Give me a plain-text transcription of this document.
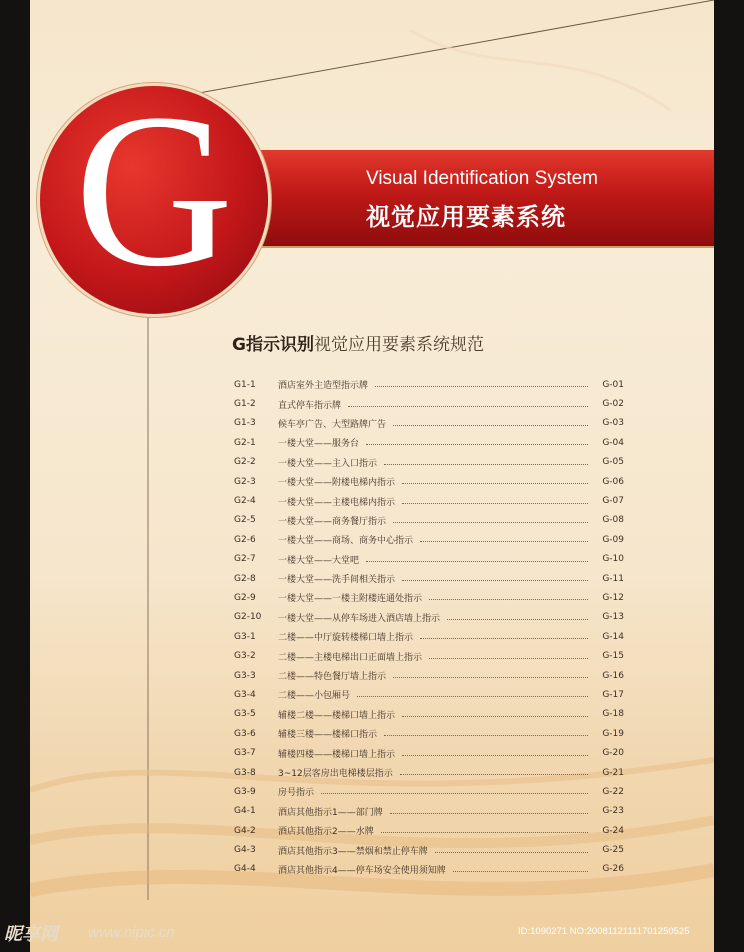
G	Visual Identification System
视觉应用要素系统
G指示识别视觉应用要素系统规范
G1-1	酒店室外主造型指示牌	G-01
G1-2	直式停车指示牌	G-02
G1-3	候车亭广告、大型路牌广告	G-03
G2-1	一楼大堂——服务台	G-04
G2-2	一楼大堂——主入口指示	G-05
G2-3	一楼大堂——附楼电梯内指示	G-06
G2-4	一楼大堂——主楼电梯内指示	G-07
G2-5	一楼大堂——商务餐厅指示	G-08
G2-6	一楼大堂——商场、商务中心指示	G-09
G2-7	一楼大堂——大堂吧	G-10
G2-8	一楼大堂——洗手间相关指示	G-11
G2-9	一楼大堂——一楼主附楼连通处指示	G-12
G2-10	一楼大堂——从停车场进入酒店墙上指示	G-13
G3-1	二楼——中厅旋转楼梯口墙上指示	G-14
G3-2	二楼——主楼电梯出口正面墙上指示	G-15
G3-3	二楼——特色餐厅墙上指示	G-16
G3-4	二楼——小包厢号	G-17
G3-5	辅楼二楼——楼梯口墙上指示	G-18
G3-6	辅楼三楼——楼梯口指示	G-19
G3-7	辅楼四楼——楼梯口墙上指示	G-20
G3-8	3~12层客房出电梯楼层指示	G-21
G3-9	房号指示	G-22
G4-1	酒店其他指示1——部门牌	G-23
G4-2	酒店其他指示2——水牌	G-24
G4-3	酒店其他指示3——禁烟和禁止停车牌	G-25
G4-4	酒店其他指示4——停车场安全使用须知牌	G-26
昵享网 www.nipic.cn	ID:1090271 NO:20081121111701250525
